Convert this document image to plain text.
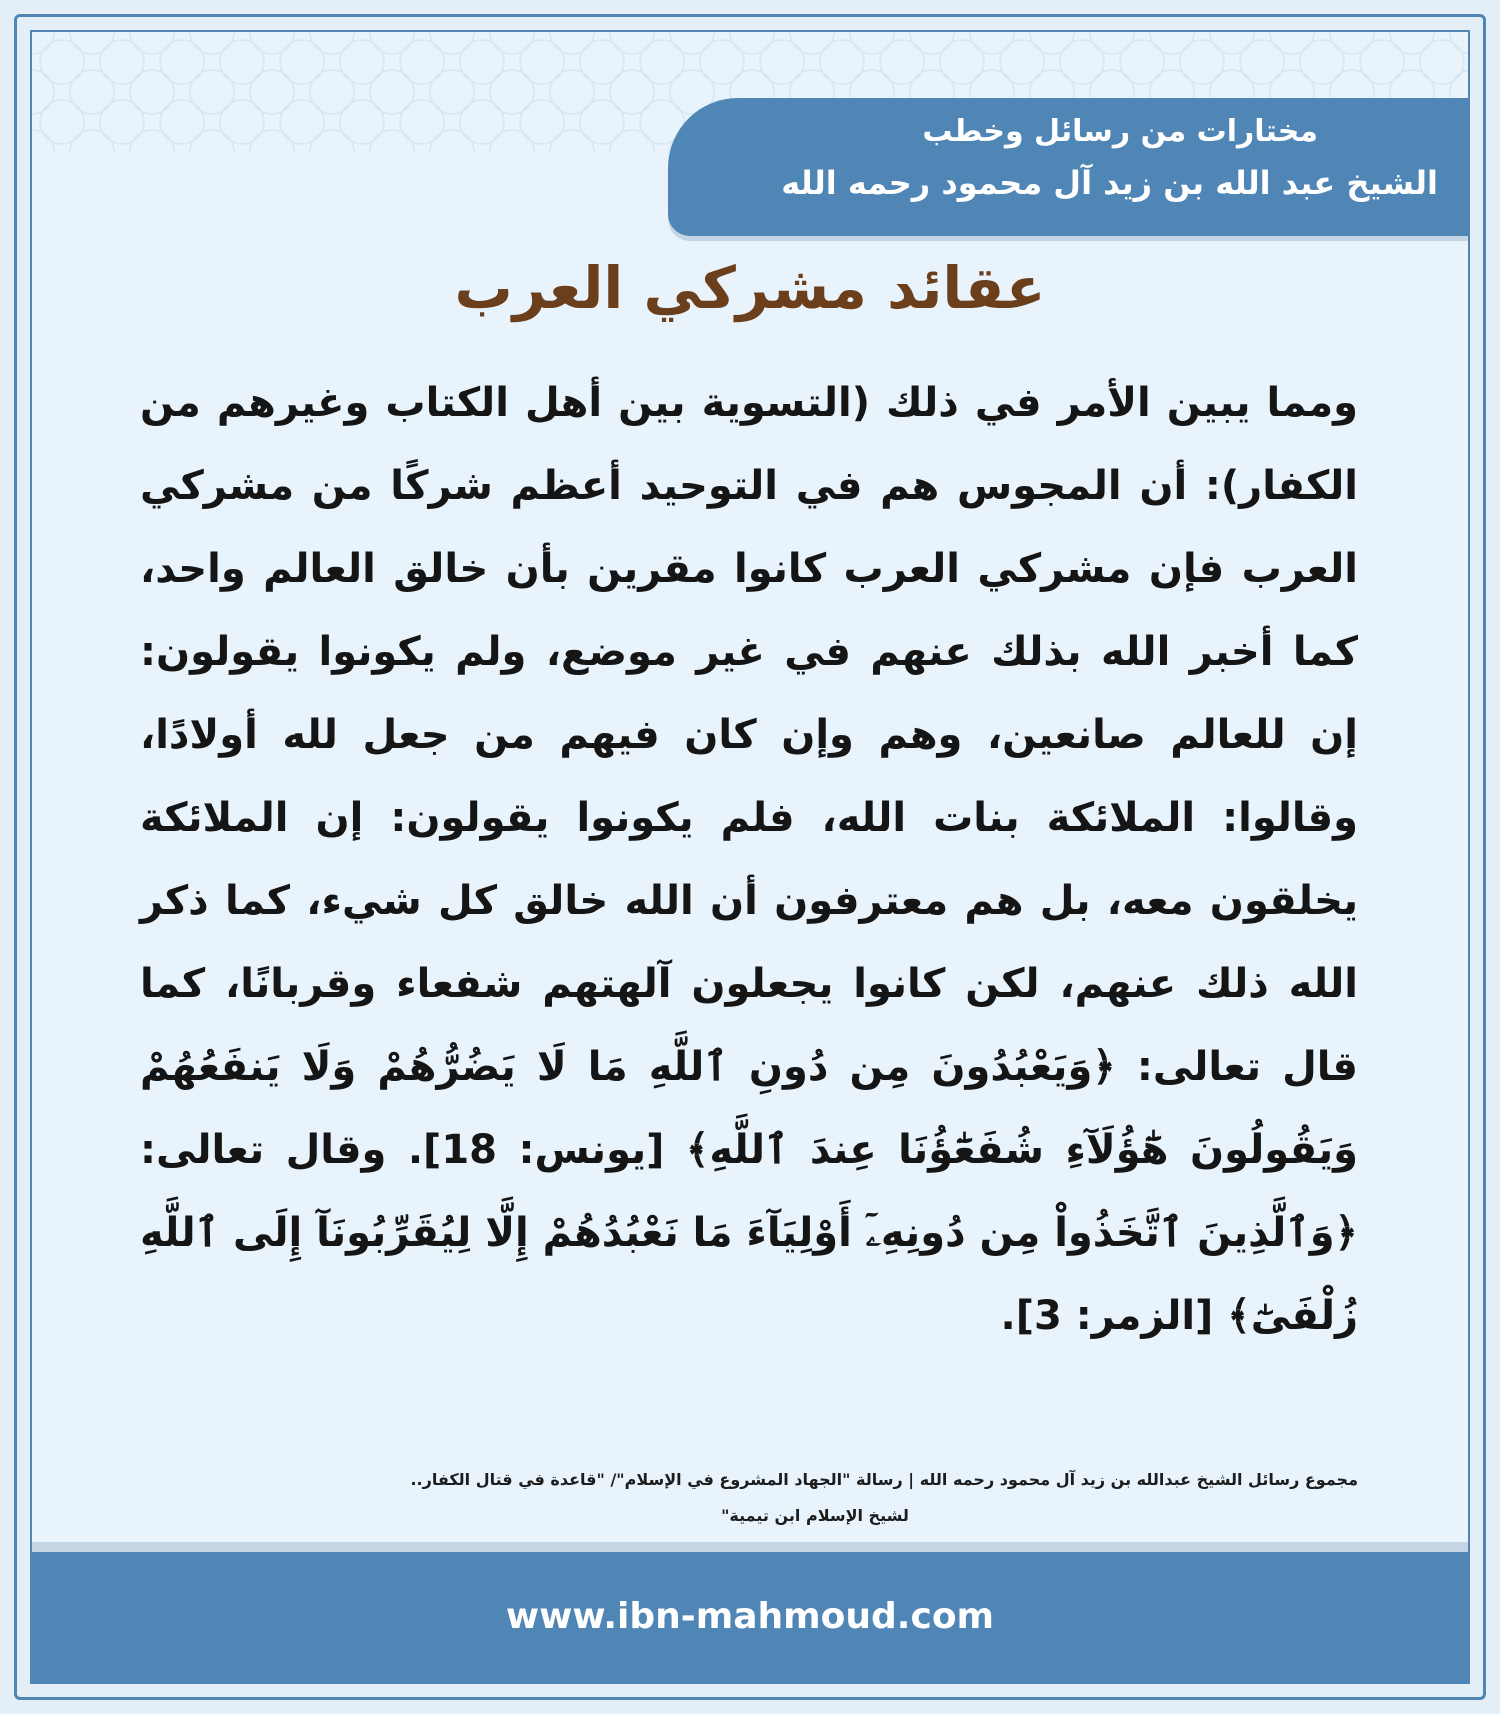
مختارات من رسائل وخطب
الشيخ عبد الله بن زيد آل محمود رحمه الله
عقائد مشركي العرب
ومما يبين الأمر في ذلك (التسوية بين أهل الكتاب وغيرهم من الكفار): أن المجوس هم في التوحيد أعظم شركًا من مشركي العرب فإن مشركي العرب كانوا مقرين بأن خالق العالم واحد، كما أخبر الله بذلك عنهم في غير موضع، ولم يكونوا يقولون: إن للعالم صانعين، وهم وإن كان فيهم من جعل لله أولادًا، وقالوا: الملائكة بنات الله، فلم يكونوا يقولون: إن الملائكة يخلقون معه، بل هم معترفون أن الله خالق كل شيء، كما ذكر الله ذلك عنهم، لكن كانوا يجعلون آلهتهم شفعاء وقربانًا، كما قال تعالى: ﴿وَيَعْبُدُونَ مِن دُونِ ٱللَّهِ مَا لَا يَضُرُّهُمْ وَلَا يَنفَعُهُمْ وَيَقُولُونَ هَٰٓؤُلَآءِ شُفَعَٰٓؤُنَا عِندَ ٱللَّهِ﴾ [يونس: 18]. وقال تعالى: ﴿وَٱلَّذِينَ ٱتَّخَذُواْ مِن دُونِهِۦٓ أَوْلِيَآءَ مَا نَعْبُدُهُمْ إِلَّا لِيُقَرِّبُونَآ إِلَى ٱللَّهِ زُلْفَىٰٓ﴾ [الزمر: 3].
مجموع رسائل الشيخ عبدالله بن زيد آل محمود رحمه الله | رسالة "الجهاد المشروع في الإسلام"/ "قاعدة في قتال الكفار..
لشيخ الإسلام ابن تيمية"
www.ibn-mahmoud.com
